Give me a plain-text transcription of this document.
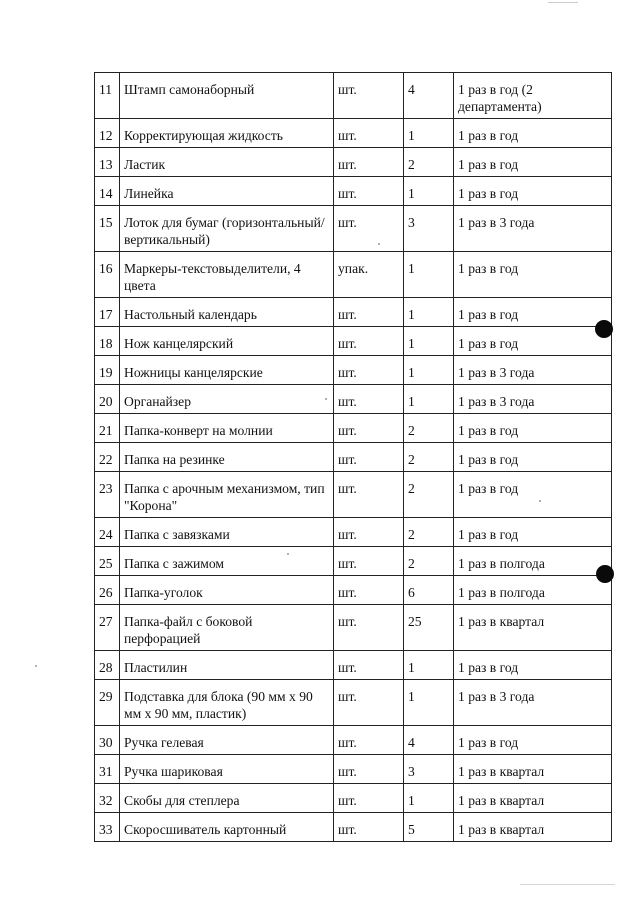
11	Штамп самонаборный	шт.	4	1 раз в год (2 департамента)
12	Корректирующая жидкость	шт.	1	1 раз в год
13	Ластик	шт.	2	1 раз в год
14	Линейка	шт.	1	1 раз в год
15	Лоток для бумаг (горизонтальный/вертикальный)	шт.	3	1 раз в 3 года
16	Маркеры-текстовыделители, 4 цвета	упак.	1	1 раз в год
17	Настольный календарь	шт.	1	1 раз в год
18	Нож канцелярский	шт.	1	1 раз в год
19	Ножницы канцелярские	шт.	1	1 раз в 3 года
20	Органайзер	шт.	1	1 раз в 3 года
21	Папка-конверт на молнии	шт.	2	1 раз в год
22	Папка на резинке	шт.	2	1 раз в год
23	Папка с арочным механизмом, тип "Корона"	шт.	2	1 раз в год
24	Папка с завязками	шт.	2	1 раз в год
25	Папка с зажимом	шт.	2	1 раз в полгода
26	Папка-уголок	шт.	6	1 раз в полгода
27	Папка-файл с боковой перфорацией	шт.	25	1 раз в квартал
28	Пластилин	шт.	1	1 раз в год
29	Подставка для блока (90 мм х 90 мм х 90 мм, пластик)	шт.	1	1 раз в 3 года
30	Ручка гелевая	шт.	4	1 раз в год
31	Ручка шариковая	шт.	3	1 раз в квартал
32	Скобы для степлера	шт.	1	1 раз в квартал
33	Скоросшиватель картонный	шт.	5	1 раз в квартал
